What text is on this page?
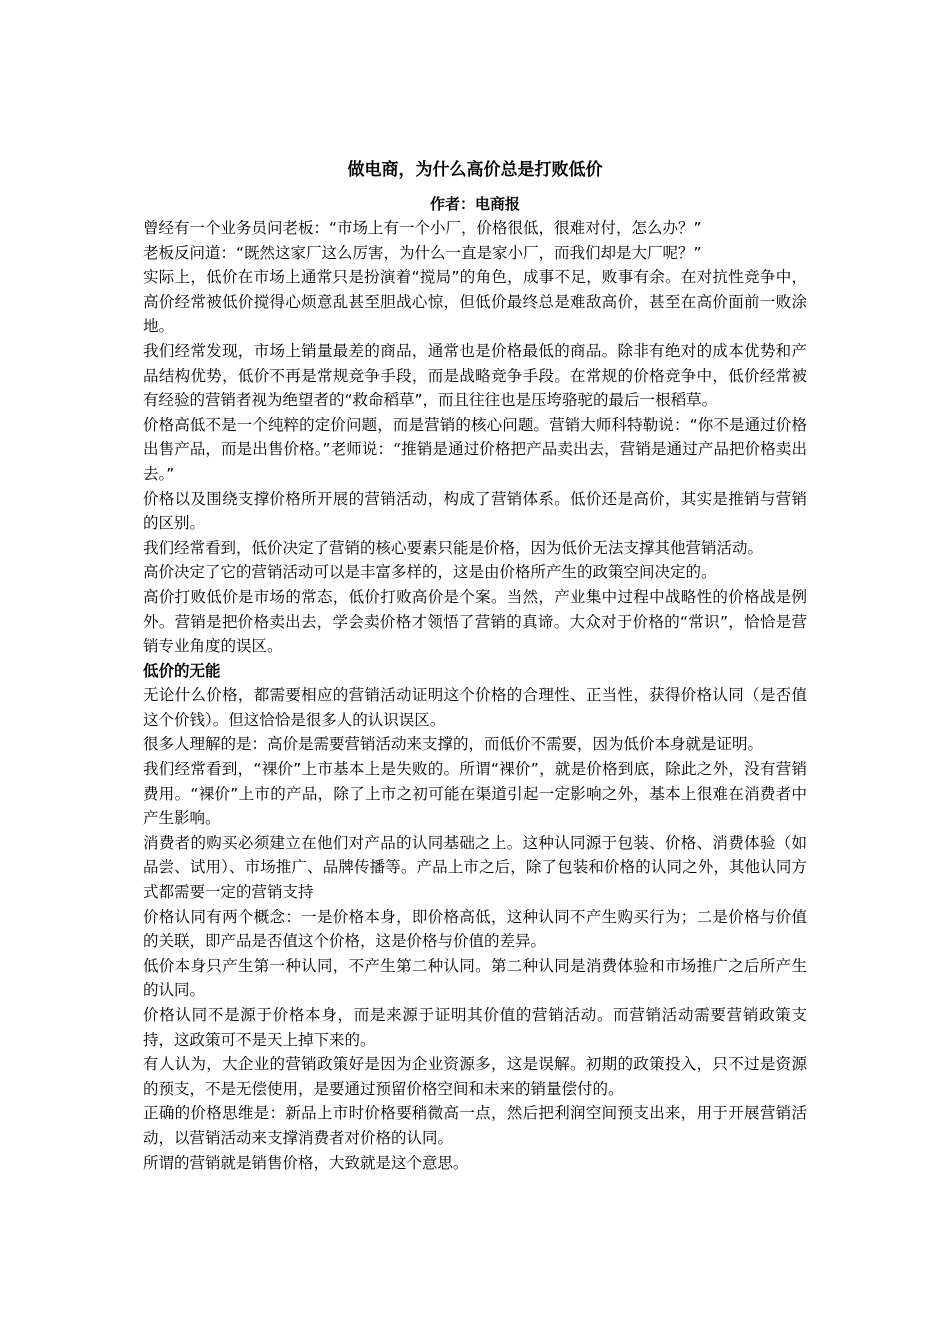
做电商，为什么高价总是打败低价
作者：电商报

曾经有一个业务员问老板：“市场上有一个小厂，价格很低，很难对付，怎么办？”

老板反问道：“既然这家厂这么厉害，为什么一直是家小厂，而我们却是大厂呢？”

实际上，低价在市场上通常只是扮演着“搅局”的角色，成事不足，败事有余。在对抗性竞争中，高价经常被低价搅得心烦意乱甚至胆战心惊，但低价最终总是难敌高价，甚至在高价面前一败涂地。

我们经常发现，市场上销量最差的商品，通常也是价格最低的商品。除非有绝对的成本优势和产品结构优势，低价不再是常规竞争手段，而是战略竞争手段。在常规的价格竞争中，低价经常被有经验的营销者视为绝望者的“救命稻草”，而且往往也是压垮骆驼的最后一根稻草。

价格高低不是一个纯粹的定价问题，而是营销的核心问题。营销大师科特勒说：“你不是通过价格出售产品，而是出售价格。”老师说：“推销是通过价格把产品卖出去，营销是通过产品把价格卖出去。”

价格以及围绕支撑价格所开展的营销活动，构成了营销体系。低价还是高价，其实是推销与营销的区别。

我们经常看到，低价决定了营销的核心要素只能是价格，因为低价无法支撑其他营销活动。

高价决定了它的营销活动可以是丰富多样的，这是由价格所产生的政策空间决定的。

高价打败低价是市场的常态，低价打败高价是个案。当然，产业集中过程中战略性的价格战是例外。营销是把价格卖出去，学会卖价格才领悟了营销的真谛。大众对于价格的“常识”，恰恰是营销专业角度的误区。

低价的无能

无论什么价格，都需要相应的营销活动证明这个价格的合理性、正当性，获得价格认同（是否值这个价钱）。但这恰恰是很多人的认识误区。

很多人理解的是：高价是需要营销活动来支撑的，而低价不需要，因为低价本身就是证明。

我们经常看到，“裸价”上市基本上是失败的。所谓“裸价”，就是价格到底，除此之外，没有营销费用。“裸价”上市的产品，除了上市之初可能在渠道引起一定影响之外，基本上很难在消费者中产生影响。

消费者的购买必须建立在他们对产品的认同基础之上。这种认同源于包装、价格、消费体验（如品尝、试用）、市场推广、品牌传播等。产品上市之后，除了包装和价格的认同之外，其他认同方式都需要一定的营销支持

价格认同有两个概念：一是价格本身，即价格高低，这种认同不产生购买行为；二是价格与价值的关联，即产品是否值这个价格，这是价格与价值的差异。

低价本身只产生第一种认同，不产生第二种认同。第二种认同是消费体验和市场推广之后所产生的认同。

价格认同不是源于价格本身，而是来源于证明其价值的营销活动。而营销活动需要营销政策支持，这政策可不是天上掉下来的。

有人认为，大企业的营销政策好是因为企业资源多，这是误解。初期的政策投入，只不过是资源的预支，不是无偿使用，是要通过预留价格空间和未来的销量偿付的。

正确的价格思维是：新品上市时价格要稍微高一点，然后把利润空间预支出来，用于开展营销活动，以营销活动来支撑消费者对价格的认同。

所谓的营销就是销售价格，大致就是这个意思。
